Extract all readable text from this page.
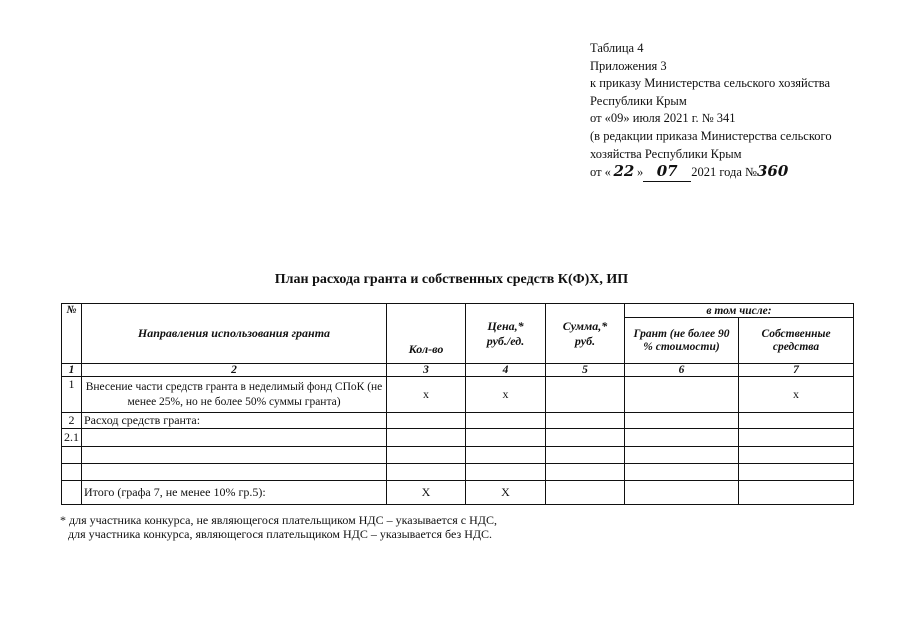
Таблица 4
Приложения 3
к приказу Министерства сельского хозяйства
Республики Крым
от «09» июля 2021 г. № 341
(в редакции приказа Министерства сельского
хозяйства Республики Крым
от « 22 » 07 2021 года №360
План расхода гранта и собственных средств К(Ф)Х, ИП
№	Направления использования гранта	Кол-во	Цена,* руб./ед.	Сумма,* руб.	в том числе:	
					Грант (не более 90 % стоимости)	Собственные средства
1	2	3	4	5	6	7
1	Внесение части средств гранта в неделимый фонд СПоК (не менее 25%, но не более 50% суммы гранта)	х	х			х
2	Расход средств гранта:					
2.1						

	Итого (графа 7, не менее 10% гр.5):	Х	Х			
* для участника конкурса, не являющегося плательщиком НДС – указывается с НДС,
для участника конкурса, являющегося плательщиком НДС – указывается без НДС.
